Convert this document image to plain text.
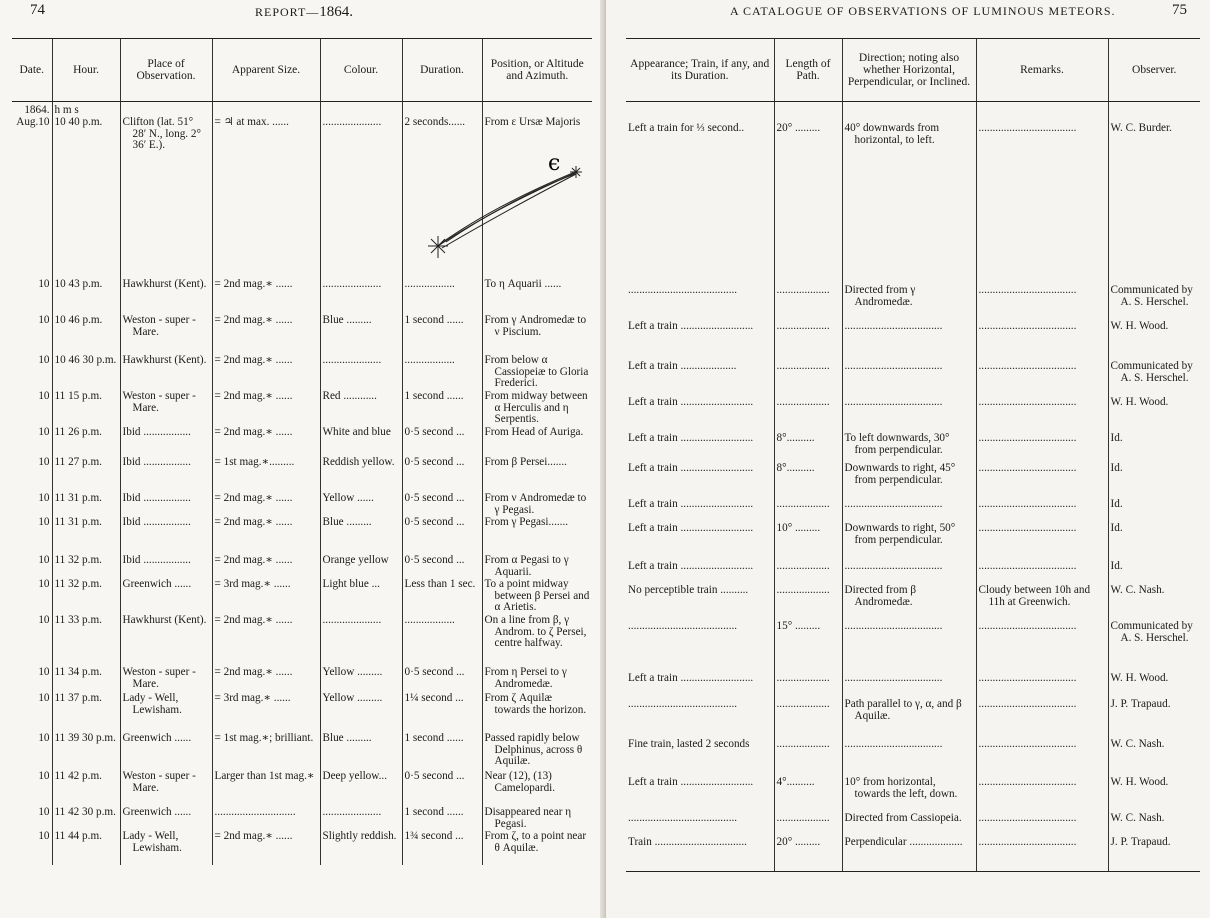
74	REPORT—1864.
Date.	Hour.	Place of Observation.	Apparent Size.	Colour.	Duration.	Position, or Altitude and Azimuth.
1864.	h m s					
Aug.10	10 40 p.m.	Clifton (lat. 51° 28′ N., long. 2° 36′ E.).	= ♃ at max. ......	.....................	2 seconds......	From ε Ursæ Majoris
10	10 43 p.m.	Hawkhurst (Kent).	= 2nd mag.∗ ......	.....................	..................	To η Aquarii ......
10	10 46 p.m.	Weston - super - Mare.	= 2nd mag.∗ ......	Blue .........	1 second ......	From γ Andromedæ to ν Piscium.
10	10 46 30 p.m.	Hawkhurst (Kent).	= 2nd mag.∗ ......	.....................	..................	From below α Cassiopeiæ to Gloria Frederici.
10	11 15 p.m.	Weston - super - Mare.	= 2nd mag.∗ ......	Red ............	1 second ......	From midway between α Herculis and η Serpentis.
10	11 26 p.m.	Ibid .................	= 2nd mag.∗ ......	White and blue	0·5 second ...	From Head of Auriga.
10	11 27 p.m.	Ibid .................	= 1st mag.∗.........	Reddish yellow.	0·5 second ...	From β Persei.......
10	11 31 p.m.	Ibid .................	= 2nd mag.∗ ......	Yellow ......	0·5 second ...	From ν Andromedæ to γ Pegasi.
10	11 31 p.m.	Ibid .................	= 2nd mag.∗ ......	Blue .........	0·5 second ...	From γ Pegasi.......
10	11 32 p.m.	Ibid .................	= 2nd mag.∗ ......	Orange yellow	0·5 second ...	From α Pegasi to γ Aquarii.
10	11 32 p.m.	Greenwich ......	= 3rd mag.∗ ......	Light blue ...	Less than 1 sec.	To a point midway between β Persei and α Arietis.
10	11 33 p.m.	Hawkhurst (Kent).	= 2nd mag.∗ ......	.....................	..................	On a line from β, γ Androm. to ζ Persei, centre halfway.
10	11 34 p.m.	Weston - super - Mare.	= 2nd mag.∗ ......	Yellow .........	0·5 second ...	From η Persei to γ Andromedæ.
10	11 37 p.m.	Lady - Well, Lewisham.	= 3rd mag.∗ ......	Yellow .........	1¼ second ...	From ζ Aquilæ towards the horizon.
10	11 39 30 p.m.	Greenwich ......	= 1st mag.∗; brilliant.	Blue .........	1 second ......	Passed rapidly below Delphinus, across θ Aquilæ.
10	11 42 p.m.	Weston - super - Mare.	Larger than 1st mag.∗	Deep yellow...	0·5 second ...	Near (12), (13) Camelopardi.
10	11 42 30 p.m.	Greenwich ......	.............................	.....................	1 second ......	Disappeared near η Pegasi.
10	11 44 p.m.	Lady - Well, Lewisham.	= 2nd mag.∗ ......	Slightly reddish.	1¾ second ...	From ζ, to a point near θ Aquilæ.
ϵ
A CATALOGUE OF OBSERVATIONS OF LUMINOUS METEORS.	75
Appearance; Train, if any, and its Duration.	Length of Path.	Direction; noting also whether Horizontal, Perpendicular, or Inclined.	Remarks.	Observer.

Left a train for ⅓ second..	20° .........	40° downwards from horizontal, to left.	...................................	W. C. Burder.
.......................................	...................	Directed from γ Andromedæ.	...................................	Communicated by A. S. Herschel.
Left a train ..........................	...................	...................................	...................................	W. H. Wood.
Left a train ....................	...................	...................................	...................................	Communicated by A. S. Herschel.
Left a train ..........................	...................	...................................	...................................	W. H. Wood.
Left a train ..........................	8°..........	To left downwards, 30° from perpendicular.	...................................	Id.
Left a train ..........................	8°..........	Downwards to right, 45° from perpendicular.	...................................	Id.
Left a train ..........................	...................	...................................	...................................	Id.
Left a train ..........................	10° .........	Downwards to right, 50° from perpendicular.	...................................	Id.
Left a train ..........................	...................	...................................	...................................	Id.
No perceptible train ..........	...................	Directed from β Andromedæ.	Cloudy between 10h and 11h at Greenwich.	W. C. Nash.
.......................................	15° .........	...................................	...................................	Communicated by A. S. Herschel.
Left a train ..........................	...................	...................................	...................................	W. H. Wood.
.......................................	...................	Path parallel to γ, α, and β Aquilæ.	...................................	J. P. Trapaud.
Fine train, lasted 2 seconds	...................	...................................	...................................	W. C. Nash.
Left a train ..........................	4°..........	10° from horizontal, towards the left, down.	...................................	W. H. Wood.
.......................................	...................	Directed from Cassiopeia.	...................................	W. C. Nash.
Train .................................	20° .........	Perpendicular ...................	...................................	J. P. Trapaud.
